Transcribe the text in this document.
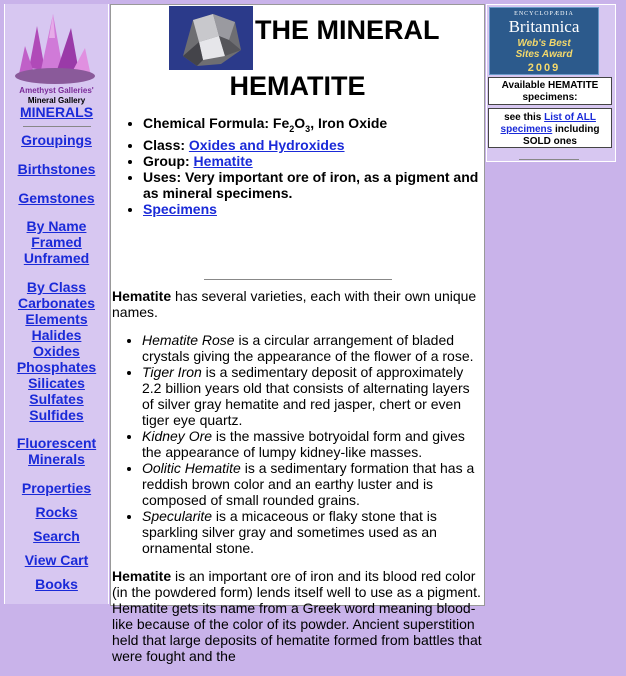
Amethyst Galleries'
Mineral Gallery
MINERALS
Groupings
Birthstones
Gemstones
By Name
Framed
Unframed
By Class
Carbonates
Elements
Halides
Oxides
Phosphates
Silicates
Sulfates
Sulfides
Fluorescent
Minerals
Properties
Rocks
Search
View Cart
Books
THE MINERAL
HEMATITE
• Chemical Formula: $Fe_2O_3$, Iron Oxide
• Class: Oxides and Hydroxides
• Group: Hematite
• Uses: Very important ore of iron, as a pigment and as mineral specimens.
• Specimens

Hematite has several varieties, each with their own unique names.

• Hematite Rose is a circular arrangement of bladed crystals giving the appearance of the flower of a rose.
• Tiger Iron is a sedimentary deposit of approximately 2.2 billion years old that consists of alternating layers of silver gray hematite and red jasper, chert or even tiger eye quartz.
• Kidney Ore is the massive botryoidal form and gives the appearance of lumpy kidney-like masses.
• Oolitic Hematite is a sedimentary formation that has a reddish brown color and an earthy luster and is composed of small rounded grains.
• Specularite is a micaceous or flaky stone that is sparkling silver gray and sometimes used as an ornamental stone.

Hematite is an important ore of iron and its blood red color (in the powdered form) lends itself well to use as a pigment. Hematite gets its name from a Greek word meaning blood-like because of the color of its powder. Ancient superstition held that large deposits of hematite formed from battles that were fought and the

ENCYCLOPÆDIA
Britannica
Web's Best
Sites Award
2009
Available HEMATITE specimens:
see this List of ALL specimens including SOLD ones
